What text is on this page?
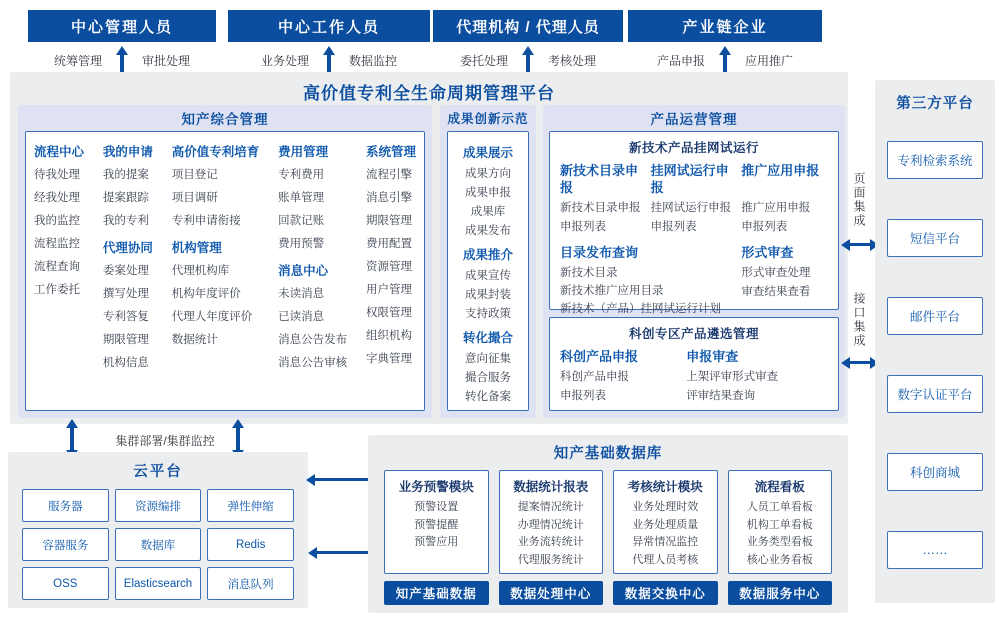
中心管理人员
统筹管理	审批处理
中心工作人员
业务处理	数据监控
代理机构 / 代理人员
委托处理	考核处理
产业链企业
产品申报	应用推广
高价值专利全生命周期管理平台
知产综合管理
流程中心
待我处理
经我处理
我的监控
流程监控
流程查询
工作委托
我的申请
我的提案
提案跟踪
我的专利
代理协同
委案处理
撰写处理
专利答复
期限管理
机构信息
高价值专利培育
项目登记
项目调研
专利申请衔接
机构管理
代理机构库
机构年度评价
代理人年度评价
数据统计
费用管理
专利费用
账单管理
回款记账
费用预警
消息中心
未读消息
已读消息
消息公告发布
消息公告审核
系统管理
流程引擎
消息引擎
期限管理
费用配置
资源管理
用户管理
权限管理
组织机构
字典管理
成果创新示范
成果展示
成果方向
成果申报
成果库
成果发布
成果推介
成果宣传
成果封装
支持政策
转化撮合
意向征集
撮合服务
转化备案
产品运营管理
新技术产品挂网试运行
新技术目录申报
新技术目录申报
申报列表
挂网试运行申报
挂网试运行申报
申报列表
推广应用申报
推广应用申报
申报列表
目录发布查询
新技术目录
新技术推广应用目录
新技术（产品）挂网试运行计划
形式审查
形式审查处理
审查结果查看
科创专区产品遴选管理
科创产品申报
科创产品申报
申报列表
申报审查
上架评审形式审查
评审结果查询
页面集成
接口集成
第三方平台
专利检索系统
短信平台
邮件平台
数字认证平台
科创商城
……
集群部署/集群监控
云平台
服务器	资源编排	弹性伸缩
容器服务	数据库	Redis
OSS	Elasticsearch	消息队列
知产基础数据库
业务预警模块
预警设置
预警提醒
预警应用
知产基础数据
数据统计报表
提案情况统计
办理情况统计
业务流转统计
代理服务统计
数据处理中心
考核统计模块
业务处理时效
业务处理质量
异常情况监控
代理人员考核
数据交换中心
流程看板
人员工单看板
机构工单看板
业务类型看板
核心业务看板
数据服务中心
